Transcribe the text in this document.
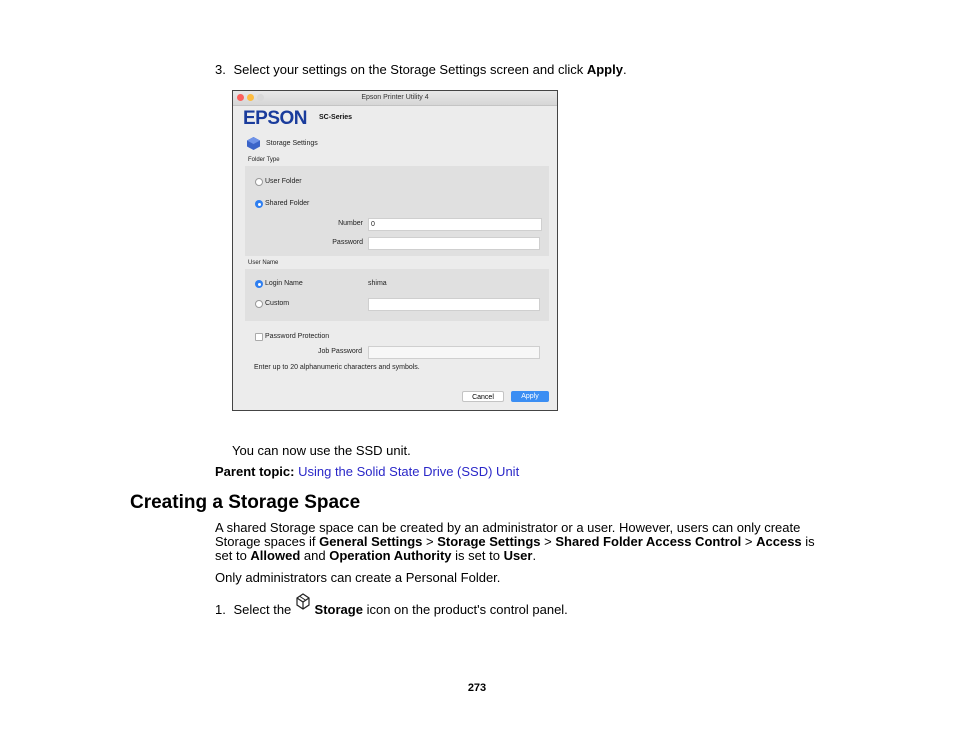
3. Select your settings on the Storage Settings screen and click Apply.
Epson Printer Utility 4
EPSON SC-Series
Storage Settings
Folder Type
User Folder
Shared Folder
Number	0
Password
User Name
Login Name	shima
Custom
Password Protection
Job Password
Enter up to 20 alphanumeric characters and symbols.
Cancel	Apply
You can now use the SSD unit.
Parent topic: Using the Solid State Drive (SSD) Unit
Creating a Storage Space
A shared Storage space can be created by an administrator or a user. However, users can only create
Storage spaces if General Settings > Storage Settings > Shared Folder Access Control > Access is
set to Allowed and Operation Authority is set to User.
Only administrators can create a Personal Folder.
1. Select the Storage icon on the product's control panel.
273
